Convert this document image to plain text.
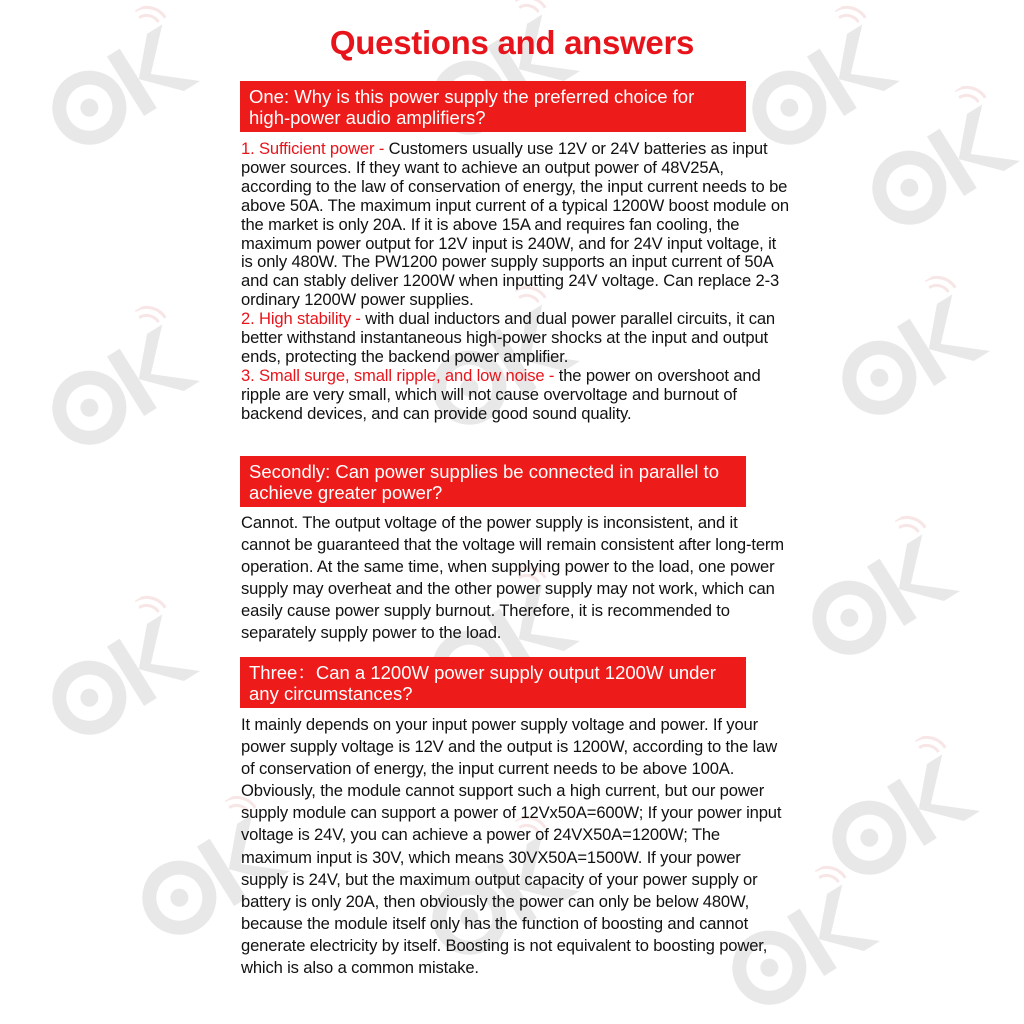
Questions and answers
One: Why is this power supply the preferred choice for high-power audio amplifiers?

1. Sufficient power - Customers usually use 12V or 24V batteries as input power sources. If they want to achieve an output power of 48V25A, according to the law of conservation of energy, the input current needs to be above 50A. The maximum input current of a typical 1200W boost module on the market is only 20A. If it is above 15A and requires fan cooling, the maximum power output for 12V input is 240W, and for 24V input voltage, it is only 480W. The PW1200 power supply supports an input current of 50A and can stably deliver 1200W when inputting 24V voltage. Can replace 2-3 ordinary 1200W power supplies.

2. High stability - with dual inductors and dual power parallel circuits, it can better withstand instantaneous high-power shocks at the input and output ends, protecting the backend power amplifier.

3. Small surge, small ripple, and low noise - the power on overshoot and ripple are very small, which will not cause overvoltage and burnout of backend devices, and can provide good sound quality.

Secondly: Can power supplies be connected in parallel to achieve greater power?
Cannot. The output voltage of the power supply is inconsistent, and it cannot be guaranteed that the voltage will remain consistent after long-term operation. At the same time, when supplying power to the load, one power supply may overheat and the other power supply may not work, which can easily cause power supply burnout. Therefore, it is recommended to separately supply power to the load.
Three：Can a 1200W power supply output 1200W under any circumstances?
It mainly depends on your input power supply voltage and power. If your power supply voltage is 12V and the output is 1200W, according to the law of conservation of energy, the input current needs to be above 100A. Obviously, the module cannot support such a high current, but our power supply module can support a power of 12Vx50A=600W; If your power input voltage is 24V, you can achieve a power of 24VX50A=1200W; The maximum input is 30V, which means 30VX50A=1500W. If your power supply is 24V, but the maximum output capacity of your power supply or battery is only 20A, then obviously the power can only be below 480W, because the module itself only has the function of boosting and cannot generate electricity by itself. Boosting is not equivalent to boosting power, which is also a common mistake.
